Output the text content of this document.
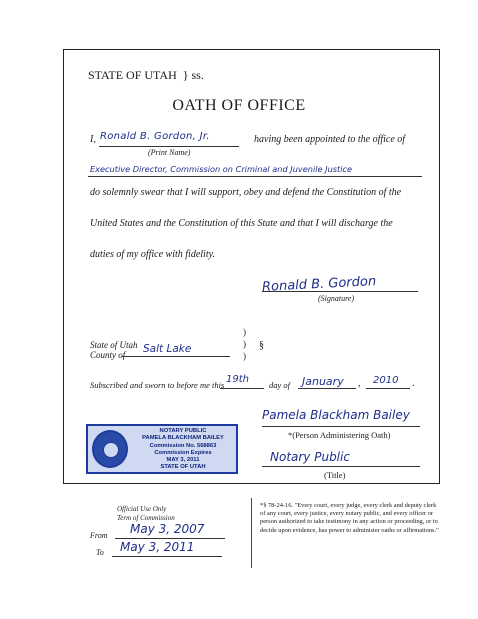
STATE OF UTAH } ss.
OATH OF OFFICE
I, Ronald B. Gordon, Jr.	having been appointed to the office of
(Print Name)
Executive Director, Commission on Criminal and Juvenile Justice
do solemnly swear that I will support, obey and defend the Constitution of the
United States and the Constitution of this State and that I will discharge the
duties of my office with fidelity.
Ronald B. Gordon
(Signature)
State of Utah
County of Salt Lake
)
)
)
§
Subscribed and sworn to before me this 19th day of January , 2010 .
NOTARY PUBLIC
PAMELA BLACKHAM BAILEY
Commission No. 568863
Commission Expires
MAY 3, 2011
STATE OF UTAH
Pamela Blackham Bailey
*(Person Administering Oath)
Notary Public
(Title)
Official Use Only
Term of Commission
From May 3, 2007
To May 3, 2011
*§ 78-24-16. "Every court, every judge, every clerk and deputy clerk of any court, every justice, every notary public, and every officer or person authorized to take testimony in any action or proceeding, or to decide upon evidence, has power to administer oaths or affirmations."
